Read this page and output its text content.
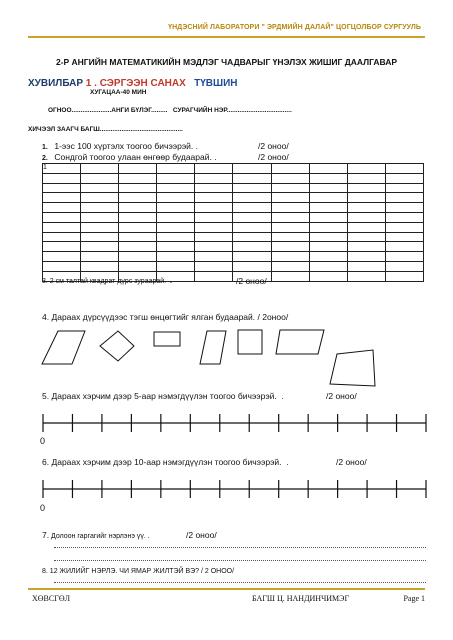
ҮНДЭСНИЙ ЛАБОРАТОРИ " ЭРДМИЙН ДАЛАЙ" ЦОГЦОЛБОР СУРГУУЛЬ
2-Р АНГИЙН МАТЕМАТИКИЙН МЭДЛЭГ ЧАДВАРЫГ ҮНЭЛЭХ ЖИШИГ ДААЛГАВАР
ХУВИЛБАР 1 . СЭРГЭЭН САНАХ ТҮВШИН
ХУГАЦАА-40 МИН
ОГНОО......................АНГИ БҮЛЭГ......... СУРАГЧИЙН НЭР....................................
ХИЧЭЭЛ ЗААГЧ БАГШ..............................................
1. 1-ээс 100 хүртэлх тоогоо бичээрэй. .	/2 оноо/
2. Сондгой тоогоо улаан өнгөөр будаарай. .	/2 оноо/
1									

3. 2 см талтай квадрат дүрс зураарай. .	/2 оноо/
4. Дараах дүрсүүдээс тэгш өнцөгтийг ялган будаарай. / 2оноо/
5. Дараах хэрчим дээр 5-аар нэмэгдүүлэн тоогоо бичээрэй. .	/2 оноо/
0
6. Дараах хэрчим дээр 10-аар нэмэгдүүлэн тоогоо бичээрэй. .	/2 оноо/
0
7. Долоон гаргагийг нэрлэнэ үү. .	/2 оноо/
8. 12 ЖИЛИЙГ НЭРЛЭ. ЧИ ЯМАР ЖИЛТЭЙ ВЭ? / 2 ОНОО/
ХӨВСГӨЛ	БАГШ Ц. НАНДИНЧИМЭГ	Page 1
